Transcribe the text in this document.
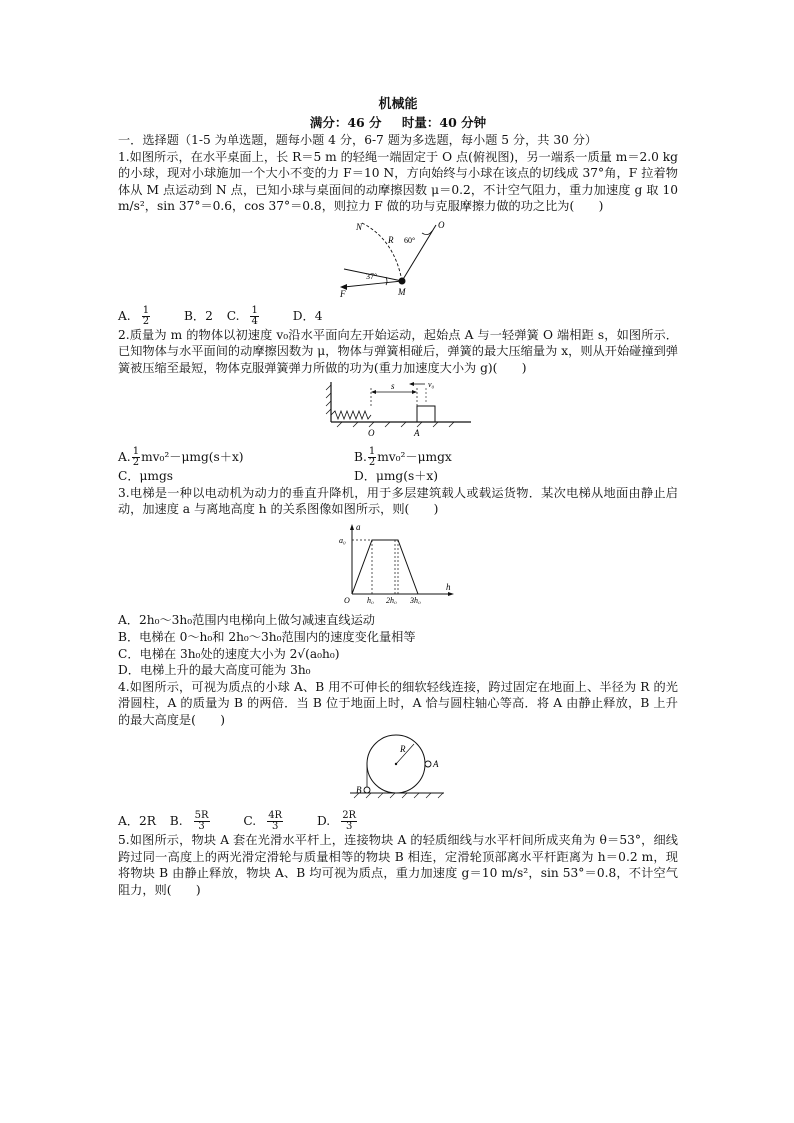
机械能

满分：46 分 时量：40 分钟

一．选择题（1-5 为单选题，题每小题 4 分，6-7 题为多选题，每小题 5 分，共 30 分）

1.如图所示，在水平桌面上，长 R＝5 m 的轻绳一端固定于 O 点(俯视图)，另一端系一质量 m＝2.0 kg 的小球，现对小球施加一个大小不变的力 F＝10 N，方向始终与小球在该点的切线成 37°角，F 拉着物体从 M 点运动到 N 点，已知小球与桌面间的动摩擦因数 μ＝0.2，不计空气阻力，重力加速度 g 取 10 m/s²，sin 37°＝0.6，cos 37°＝0.8，则拉力 F 做的功与克服摩擦力做的功之比为(　　)

N
R 60°
O
37°
F	M

A. $\frac{1}{2}$ B．2 C. $\frac{1}{4}$ D．4

2.质量为 m 的物体以初速度 v₀沿水平面向左开始运动，起始点 A 与一轻弹簧 O 端相距 s，如图所示．已知物体与水平面间的动摩擦因数为 μ，物体与弹簧相碰后，弹簧的最大压缩量为 x，则从开始碰撞到弹簧被压缩至最短，物体克服弹簧弹力所做的功为(重力加速度大小为 g)(　　)

s	v₀
O	A
A. $\frac{1}{2} mv_0^2-\mu mg(s+x)$	B. $\frac{1}{2} mv_0^2-\mu mgx$
C．μmgs	D．μmg(s＋x)

3.电梯是一种以电动机为动力的垂直升降机，用于多层建筑载人或载运货物．某次电梯从地面由静止启动，加速度 a 与离地高度 h 的关系图像如图所示，则(　　)

a
a₀
O h₀ 2h₀ 3h₀
h

A．2h₀～3h₀范围内电梯向上做匀减速直线运动

B．电梯在 0～h₀和 2h₀～3h₀范围内的速度变化量相等

C．电梯在 3h₀处的速度大小为 2√(a₀h₀)

D．电梯上升的最大高度可能为 3h₀

4.如图所示，可视为质点的小球 A、B 用不可伸长的细软轻线连接，跨过固定在地面上、半径为 R 的光滑圆柱，A 的质量为 B 的两倍．当 B 位于地面上时，A 恰与圆柱轴心等高．将 A 由静止释放，B 上升的最大高度是(　　)

R
A
B

A．2R B. $\frac{5R}{3} C$. $\frac{4R}{3} D$. $\frac{2R}{3}$

5.如图所示，物块 A 套在光滑水平杆上，连接物块 A 的轻质细线与水平杆间所成夹角为 θ＝53°，细线跨过同一高度上的两光滑定滑轮与质量相等的物块 B 相连，定滑轮顶部离水平杆距离为 h＝0.2 m，现将物块 B 由静止释放，物块 A、B 均可视为质点，重力加速度 g＝10 m/s²，sin 53°＝0.8，不计空气阻力，则(　　)
